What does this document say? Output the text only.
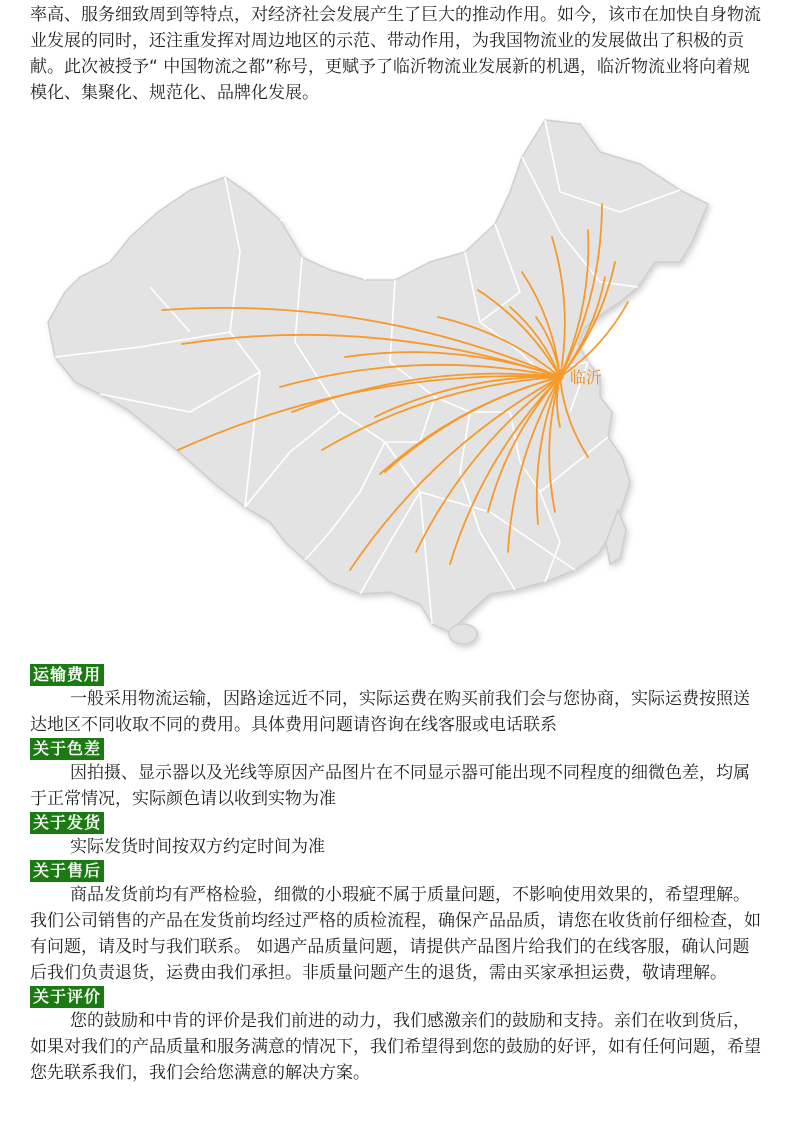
率高、服务细致周到等特点，对经济社会发展产生了巨大的推动作用。如今，该市在加快自身物流业发展的同时，还注重发挥对周边地区的示范、带动作用，为我国物流业的发展做出了积极的贡献。此次被授予“ 中国物流之都”称号，更赋予了临沂物流业发展新的机遇，临沂物流业将向着规模化、集聚化、规范化、品牌化发展。

临沂
运输费用

一般采用物流运输，因路途远近不同，实际运费在购买前我们会与您协商，实际运费按照送达地区不同收取不同的费用。具体费用问题请咨询在线客服或电话联系

关于色差

因拍摄、显示器以及光线等原因产品图片在不同显示器可能出现不同程度的细微色差，均属于正常情况，实际颜色请以收到实物为准

关于发货

实际发货时间按双方约定时间为准

关于售后

商品发货前均有严格检验，细微的小瑕疵不属于质量问题，不影响使用效果的，希望理解。我们公司销售的产品在发货前均经过严格的质检流程，确保产品品质，请您在收货前仔细检查，如有问题，请及时与我们联系。 如遇产品质量问题，请提供产品图片给我们的在线客服，确认问题后我们负责退货，运费由我们承担。非质量问题产生的退货，需由买家承担运费，敬请理解。

关于评价

您的鼓励和中肯的评价是我们前进的动力，我们感激亲们的鼓励和支持。亲们在收到货后，如果对我们的产品质量和服务满意的情况下，我们希望得到您的鼓励的好评，如有任何问题，希望您先联系我们，我们会给您满意的解决方案。
